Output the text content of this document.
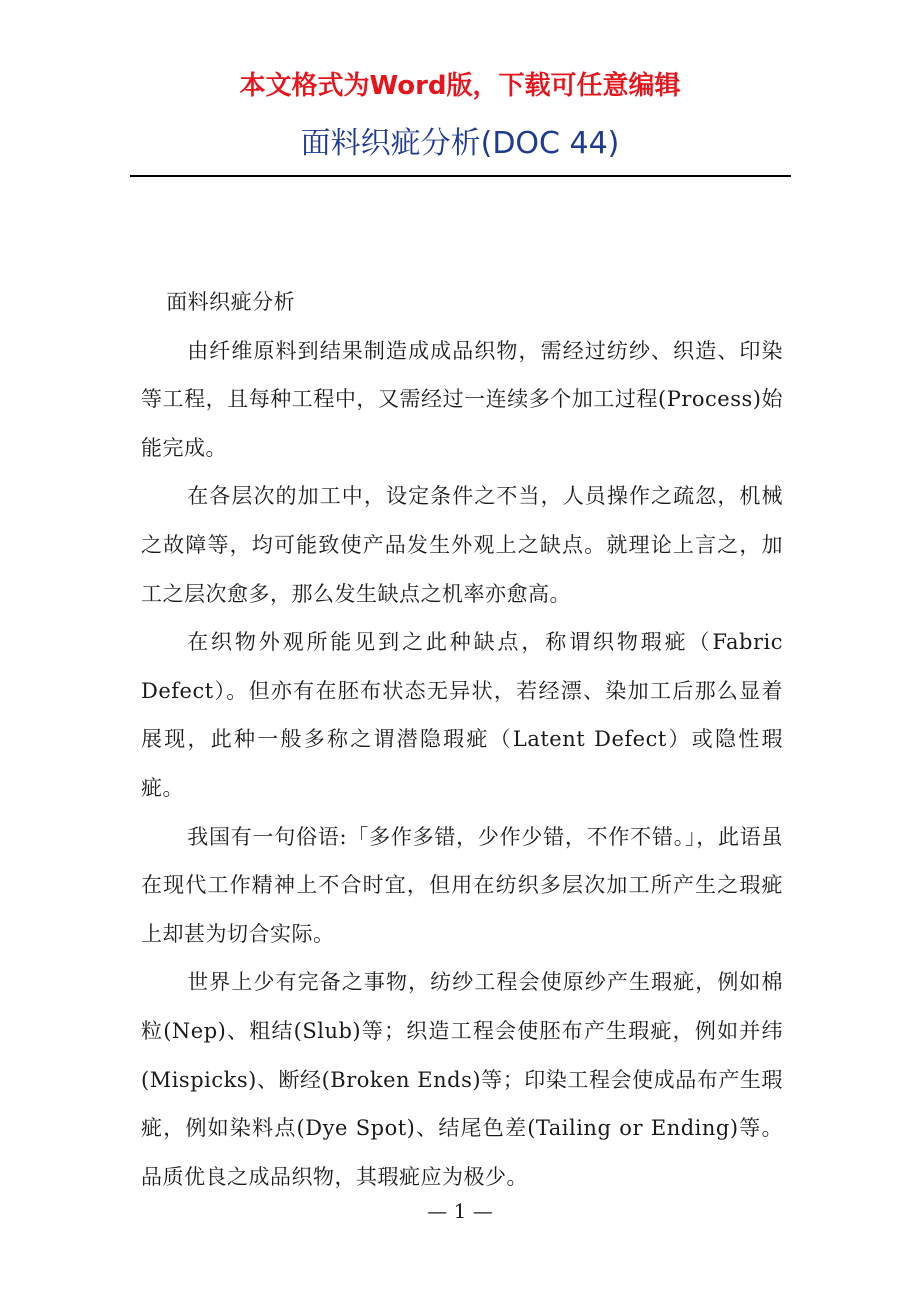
本文格式为Word版，下载可任意编辑
面料织疵分析(DOC 44)

面料织疵分析

由纤维原料到结果制造成成品织物，需经过纺纱、织造、印染等工程，且每种工程中，又需经过一连续多个加工过程(Process)始能完成。

在各层次的加工中，设定条件之不当，人员操作之疏忽，机械之故障等，均可能致使产品发生外观上之缺点。就理论上言之，加工之层次愈多，那么发生缺点之机率亦愈高。

在织物外观所能见到之此种缺点，称谓织物瑕疵（Fabric Defect）。但亦有在胚布状态无异状，若经漂、染加工后那么显着展现，此种一般多称之谓潜隐瑕疵（Latent Defect）或隐性瑕疵。

我国有一句俗语:「多作多错，少作少错，不作不错。」，此语虽在现代工作精神上不合时宜，但用在纺织多层次加工所产生之瑕疵上却甚为切合实际。

世界上少有完备之事物，纺纱工程会使原纱产生瑕疵，例如棉粒(Nep)、粗结(Slub)等；织造工程会使胚布产生瑕疵，例如并纬(Mispicks)、断经(Broken Ends)等；印染工程会使成品布产生瑕疵，例如染料点(Dye Spot)、结尾色差(Tailing or Ending)等。品质优良之成品织物，其瑕疵应为极少。

— 1 —
